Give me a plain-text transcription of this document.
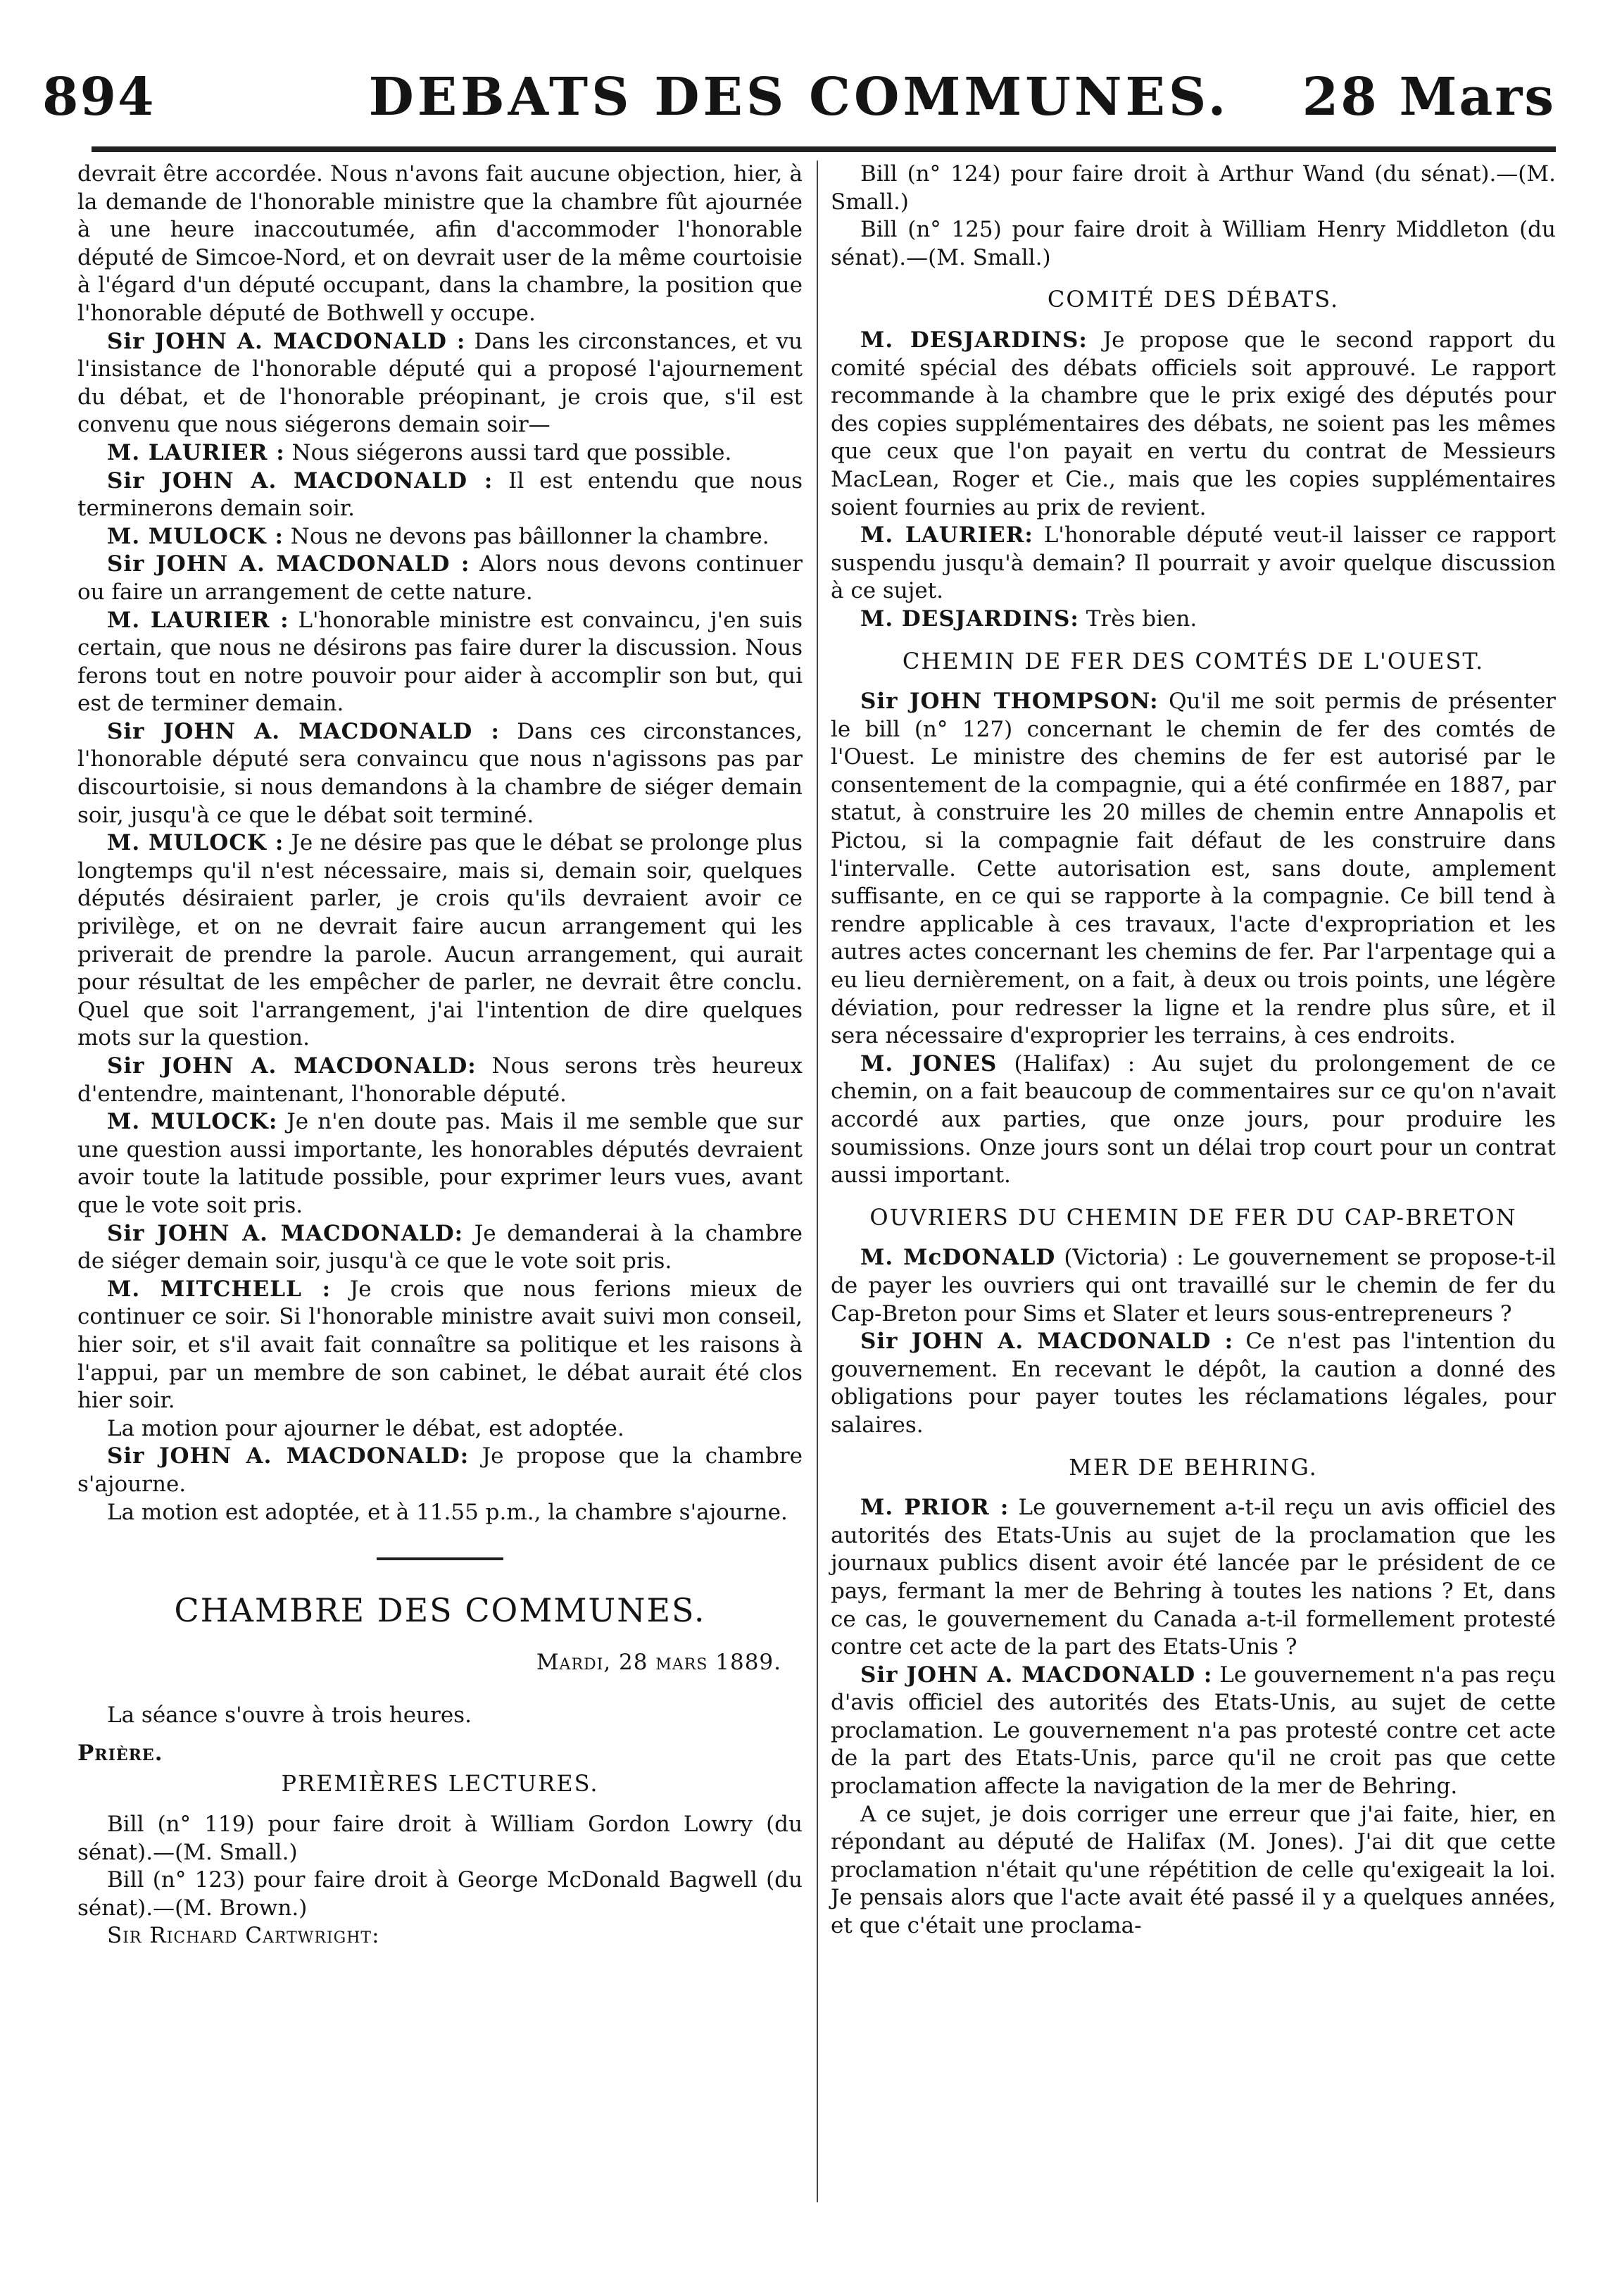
894	DEBATS DES COMMUNES.	28 Mars

devrait être accordée. Nous n'avons fait aucune objection, hier, à la demande de l'honorable ministre que la chambre fût ajournée à une heure inaccoutumée, afin d'accommoder l'honorable député de Simcoe-Nord, et on devrait user de la même courtoisie à l'égard d'un député occupant, dans la chambre, la position que l'honorable député de Bothwell y occupe.

Sir JOHN A. MACDONALD : Dans les circonstances, et vu l'insistance de l'honorable député qui a proposé l'ajournement du débat, et de l'honorable préopinant, je crois que, s'il est convenu que nous siégerons demain soir—

M. LAURIER : Nous siégerons aussi tard que possible.

Sir JOHN A. MACDONALD : Il est entendu que nous terminerons demain soir.

M. MULOCK : Nous ne devons pas bâillonner la chambre.

Sir JOHN A. MACDONALD : Alors nous devons continuer ou faire un arrangement de cette nature.

M. LAURIER : L'honorable ministre est convaincu, j'en suis certain, que nous ne désirons pas faire durer la discussion. Nous ferons tout en notre pouvoir pour aider à accomplir son but, qui est de terminer demain.

Sir JOHN A. MACDONALD : Dans ces circonstances, l'honorable député sera convaincu que nous n'agissons pas par discourtoisie, si nous demandons à la chambre de siéger demain soir, jusqu'à ce que le débat soit terminé.

M. MULOCK : Je ne désire pas que le débat se prolonge plus longtemps qu'il n'est nécessaire, mais si, demain soir, quelques députés désiraient parler, je crois qu'ils devraient avoir ce privilège, et on ne devrait faire aucun arrangement qui les priverait de prendre la parole. Aucun arrangement, qui aurait pour résultat de les empêcher de parler, ne devrait être conclu. Quel que soit l'arrangement, j'ai l'intention de dire quelques mots sur la question.

Sir JOHN A. MACDONALD: Nous serons très heureux d'entendre, maintenant, l'honorable député.

M. MULOCK: Je n'en doute pas. Mais il me semble que sur une question aussi importante, les honorables députés devraient avoir toute la latitude possible, pour exprimer leurs vues, avant que le vote soit pris.

Sir JOHN A. MACDONALD: Je demanderai à la chambre de siéger demain soir, jusqu'à ce que le vote soit pris.

M. MITCHELL : Je crois que nous ferions mieux de continuer ce soir. Si l'honorable ministre avait suivi mon conseil, hier soir, et s'il avait fait connaître sa politique et les raisons à l'appui, par un membre de son cabinet, le débat aurait été clos hier soir.

La motion pour ajourner le débat, est adoptée.

Sir JOHN A. MACDONALD: Je propose que la chambre s'ajourne.

La motion est adoptée, et à 11.55 p.m., la chambre s'ajourne.

CHAMBRE DES COMMUNES.
Mardi, 28 mars 1889.

La séance s'ouvre à trois heures.

Prière.

PREMIÈRES LECTURES.

Bill (n° 119) pour faire droit à William Gordon Lowry (du sénat).—(M. Small.)

Bill (n° 123) pour faire droit à George McDonald Bagwell (du sénat).—(M. Brown.)

Sir Richard Cartwright:

Bill (n° 124) pour faire droit à Arthur Wand (du sénat).—(M. Small.)

Bill (n° 125) pour faire droit à William Henry Middleton (du sénat).—(M. Small.)

COMITÉ DES DÉBATS.

M. DESJARDINS: Je propose que le second rapport du comité spécial des débats officiels soit approuvé. Le rapport recommande à la chambre que le prix exigé des députés pour des copies supplémentaires des débats, ne soient pas les mêmes que ceux que l'on payait en vertu du contrat de Messieurs MacLean, Roger et Cie., mais que les copies supplémentaires soient fournies au prix de revient.

M. LAURIER: L'honorable député veut-il laisser ce rapport suspendu jusqu'à demain? Il pourrait y avoir quelque discussion à ce sujet.

M. DESJARDINS: Très bien.

CHEMIN DE FER DES COMTÉS DE L'OUEST.

Sir JOHN THOMPSON: Qu'il me soit permis de présenter le bill (n° 127) concernant le chemin de fer des comtés de l'Ouest. Le ministre des chemins de fer est autorisé par le consentement de la compagnie, qui a été confirmée en 1887, par statut, à construire les 20 milles de chemin entre Annapolis et Pictou, si la compagnie fait défaut de les construire dans l'intervalle. Cette autorisation est, sans doute, amplement suffisante, en ce qui se rapporte à la compagnie. Ce bill tend à rendre applicable à ces travaux, l'acte d'expropriation et les autres actes concernant les chemins de fer. Par l'arpentage qui a eu lieu dernièrement, on a fait, à deux ou trois points, une légère déviation, pour redresser la ligne et la rendre plus sûre, et il sera nécessaire d'exproprier les terrains, à ces endroits.

M. JONES (Halifax) : Au sujet du prolongement de ce chemin, on a fait beaucoup de commentaires sur ce qu'on n'avait accordé aux parties, que onze jours, pour produire les soumissions. Onze jours sont un délai trop court pour un contrat aussi important.

OUVRIERS DU CHEMIN DE FER DU CAP-BRETON

M. McDONALD (Victoria) : Le gouvernement se propose-t-il de payer les ouvriers qui ont travaillé sur le chemin de fer du Cap-Breton pour Sims et Slater et leurs sous-entrepreneurs ?

Sir JOHN A. MACDONALD : Ce n'est pas l'intention du gouvernement. En recevant le dépôt, la caution a donné des obligations pour payer toutes les réclamations légales, pour salaires.

MER DE BEHRING.

M. PRIOR : Le gouvernement a-t-il reçu un avis officiel des autorités des Etats-Unis au sujet de la proclamation que les journaux publics disent avoir été lancée par le président de ce pays, fermant la mer de Behring à toutes les nations ? Et, dans ce cas, le gouvernement du Canada a-t-il formellement protesté contre cet acte de la part des Etats-Unis ?

Sir JOHN A. MACDONALD : Le gouvernement n'a pas reçu d'avis officiel des autorités des Etats-Unis, au sujet de cette proclamation. Le gouvernement n'a pas protesté contre cet acte de la part des Etats-Unis, parce qu'il ne croit pas que cette proclamation affecte la navigation de la mer de Behring.

A ce sujet, je dois corriger une erreur que j'ai faite, hier, en répondant au député de Halifax (M. Jones). J'ai dit que cette proclamation n'était qu'une répétition de celle qu'exigeait la loi. Je pensais alors que l'acte avait été passé il y a quelques années, et que c'était une proclama-
